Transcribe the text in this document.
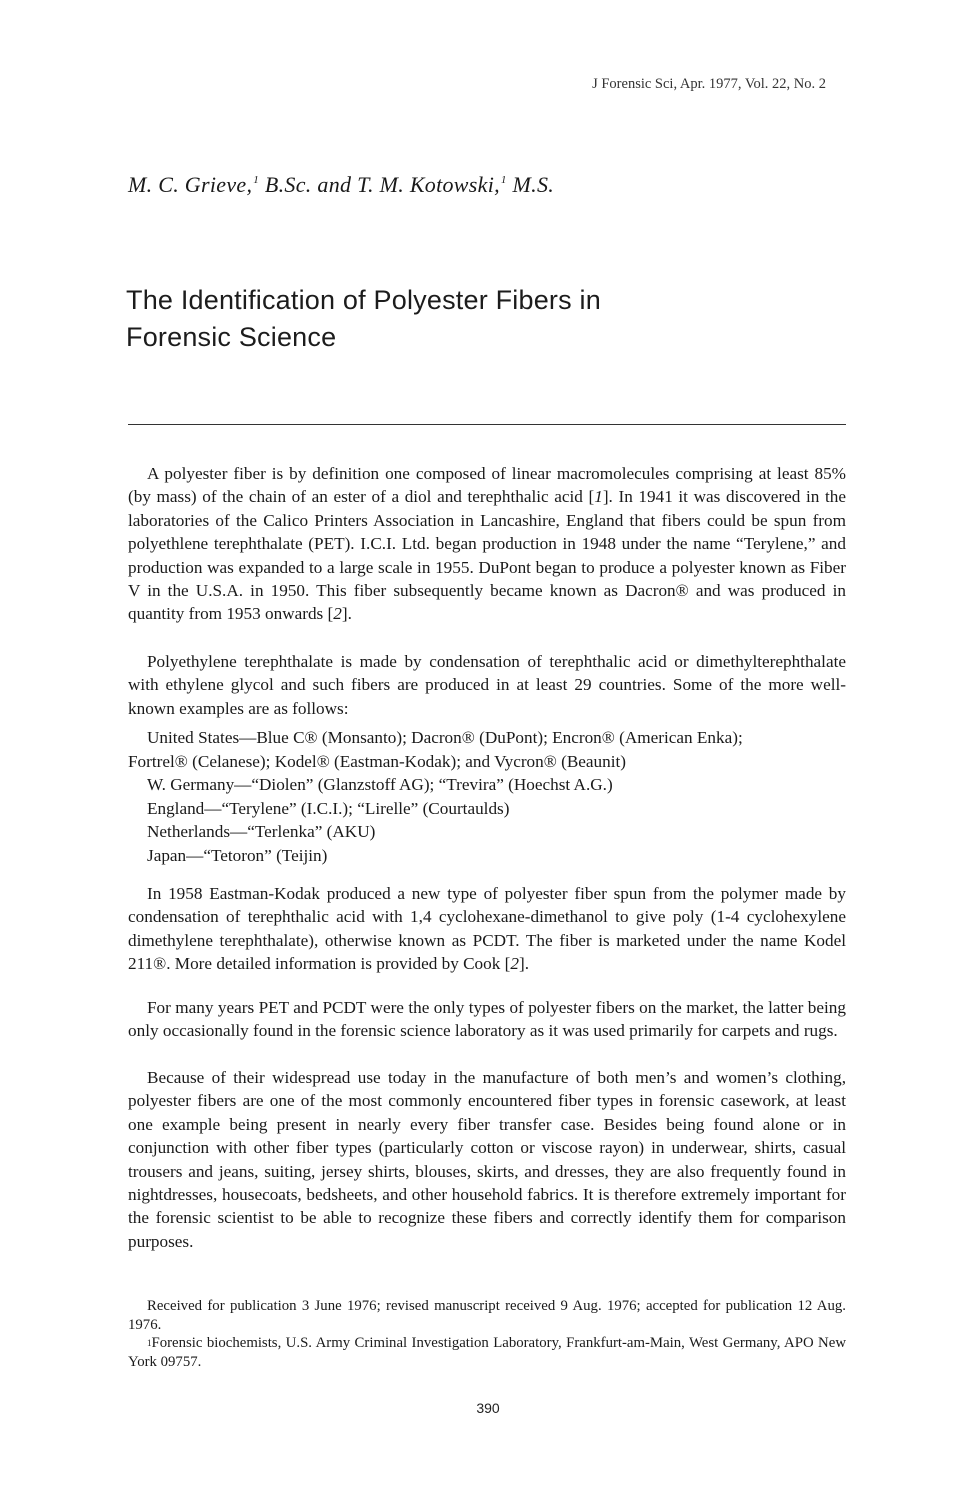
J Forensic Sci, Apr. 1977, Vol. 22, No. 2
M. C. Grieve,$^1$ B.Sc. and T. M. Kotowski,$^1$ M.S.
The Identification of Polyester Fibers in
Forensic Science

A polyester fiber is by definition one composed of linear macromolecules comprising at least 85% (by mass) of the chain of an ester of a diol and terephthalic acid [1]. In 1941 it was discovered in the laboratories of the Calico Printers Association in Lancashire, England that fibers could be spun from polyethlene terephthalate (PET). I.C.I. Ltd. began production in 1948 under the name “Terylene,” and production was expanded to a large scale in 1955. DuPont began to produce a polyester known as Fiber V in the U.S.A. in 1950. This fiber subsequently became known as Dacron® and was produced in quantity from 1953 onwards [2].

Polyethylene terephthalate is made by condensation of terephthalic acid or dimethylterephthalate with ethylene glycol and such fibers are produced in at least 29 countries. Some of the more well-known examples are as follows:

United States—Blue C® (Monsanto); Dacron® (DuPont); Encron® (American Enka);
Fortrel® (Celanese); Kodel® (Eastman-Kodak); and Vycron® (Beaunit)
W. Germany—“Diolen” (Glanzstoff AG); “Trevira” (Hoechst A.G.)
England—“Terylene” (I.C.I.); “Lirelle” (Courtaulds)
Netherlands—“Terlenka” (AKU)
Japan—“Tetoron” (Teijin)

In 1958 Eastman-Kodak produced a new type of polyester fiber spun from the polymer made by condensation of terephthalic acid with 1,4 cyclohexane-dimethanol to give poly (1-4 cyclohexylene dimethylene terephthalate), otherwise known as PCDT. The fiber is marketed under the name Kodel 211®. More detailed information is provided by Cook [2].

For many years PET and PCDT were the only types of polyester fibers on the market, the latter being only occasionally found in the forensic science laboratory as it was used primarily for carpets and rugs.

Because of their widespread use today in the manufacture of both men’s and women’s clothing, polyester fibers are one of the most commonly encountered fiber types in forensic casework, at least one example being present in nearly every fiber transfer case. Besides being found alone or in conjunction with other fiber types (particularly cotton or viscose rayon) in underwear, shirts, casual trousers and jeans, suiting, jersey shirts, blouses, skirts, and dresses, they are also frequently found in nightdresses, housecoats, bedsheets, and other household fabrics. It is therefore extremely important for the forensic scientist to be able to recognize these fibers and correctly identify them for comparison purposes.

Received for publication 3 June 1976; revised manuscript received 9 Aug. 1976; accepted for publication 12 Aug. 1976.

$^1$Forensic biochemists, U.S. Army Criminal Investigation Laboratory, Frankfurt-am-Main, West Germany, APO New York 09757.

390
